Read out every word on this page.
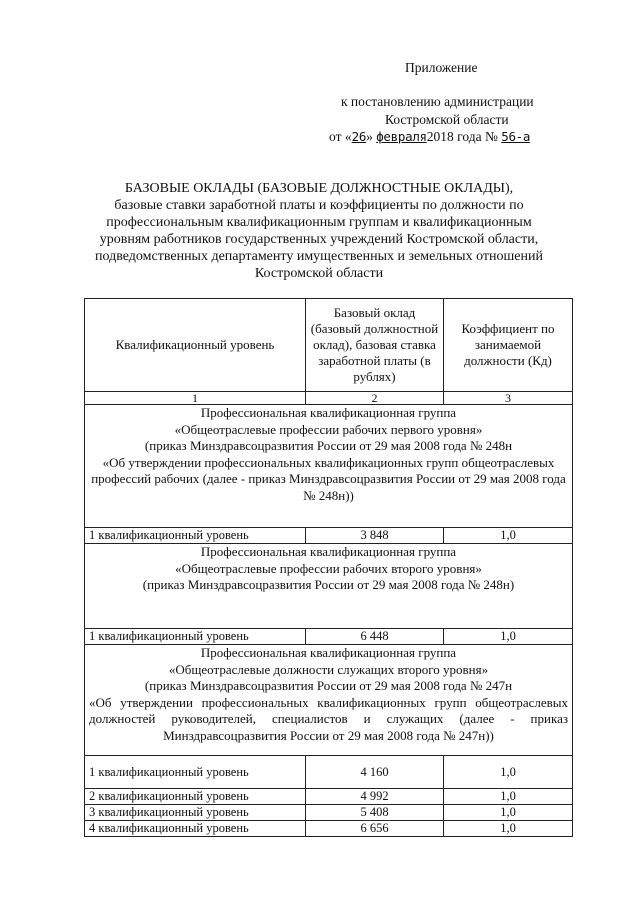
Приложение
к постановлению администрации
Костромской области
от «26» февраля2018 года № 56-а
БАЗОВЫЕ ОКЛАДЫ (БАЗОВЫЕ ДОЛЖНОСТНЫЕ ОКЛАДЫ),
базовые ставки заработной платы и коэффициенты по должности по
профессиональным квалификационным группам и квалификационным
уровням работников государственных учреждений Костромской области,
подведомственных департаменту имущественных и земельных отношений
Костромской области
Квалификационный уровень	Базовый оклад (базовый должностной оклад), базовая ставка заработной платы (в рублях)	Коэффициент по занимаемой должности (Кд)
1	2	3

Профессиональная квалификационная группа
«Общеотраслевые профессии рабочих первого уровня»
(приказ Минздравсоцразвития России от 29 мая 2008 года № 248н
«Об утверждении профессиональных квалификационных групп общеотраслевых профессий рабочих (далее - приказ Минздравсоцразвития России от 29 мая 2008 года № 248н))		

1 квалификационный уровень	3 848	1,0

Профессиональная квалификационная группа
«Общеотраслевые профессии рабочих второго уровня»
(приказ Минздравсоцразвития России от 29 мая 2008 года № 248н)		

1 квалификационный уровень	6 448	1,0

Профессиональная квалификационная группа
«Общеотраслевые должности служащих второго уровня»
(приказ Минздравсоцразвития России от 29 мая 2008 года № 247н
«Об утверждении профессиональных квалификационных групп общеотраслевых должностей руководителей, специалистов и служащих (далее - приказ Минздравсоцразвития России от 29 мая 2008 года № 247н))		

1 квалификационный уровень	4 160	1,0
2 квалификационный уровень	4 992	1,0
3 квалификационный уровень	5 408	1,0
4 квалификационный уровень	6 656	1,0
